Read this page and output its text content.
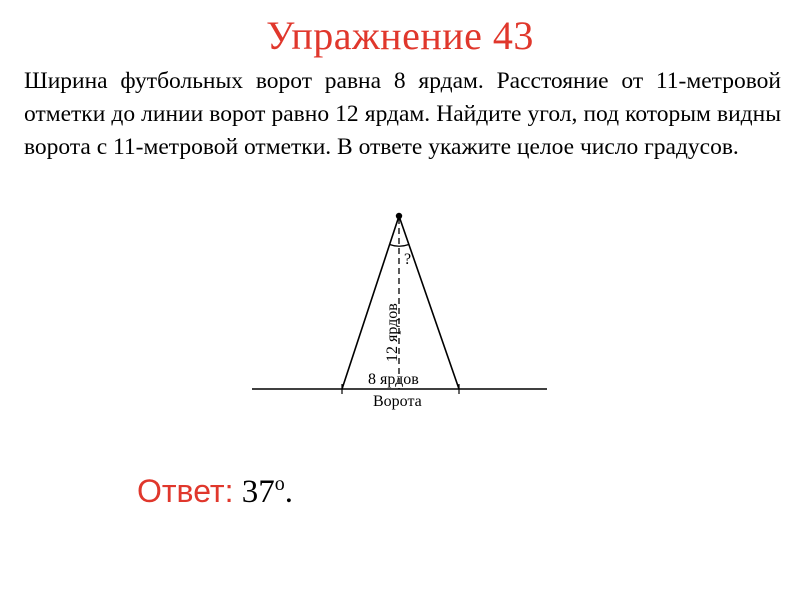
Упражнение 43
Ширина футбольных ворот равна 8 ярдам. Расстояние от 11-метровой отметки до линии ворот равно 12 ярдам. Найдите угол, под которым видны ворота с 11-метровой отметки. В ответе укажите целое число градусов.
?
12 ярдов
8 ярдов
Ворота
Ответ: 37$^o$.
